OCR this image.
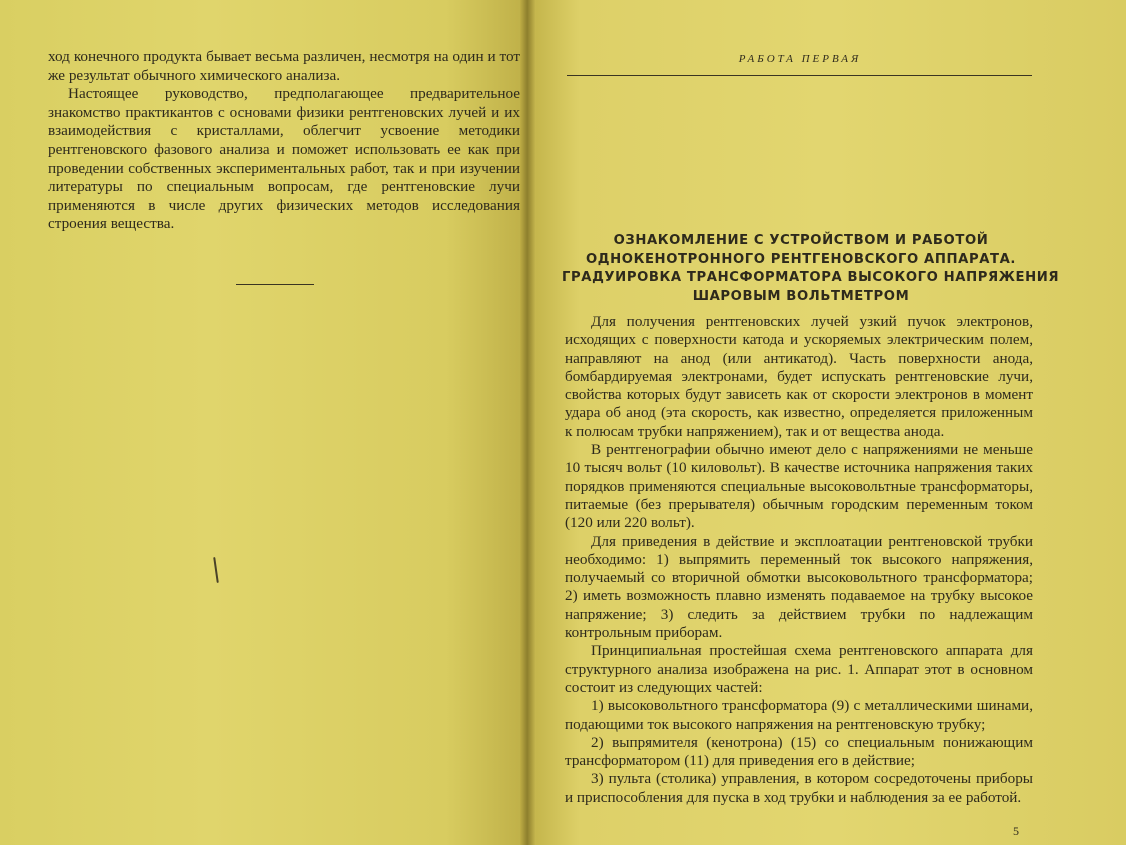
ход конечного продукта бывает весьма различен, несмотря на один и тот же результат обычного химического анализа.

Настоящее руководство, предполагающее предварительное знакомство практикантов с основами физики рентгеновских лучей и их взаимодействия с кристаллами, облегчит усвоение методики рентгеновского фазового анализа и поможет использовать ее как при проведении собственных экспериментальных работ, так и при изучении литературы по специальным вопросам, где рентгеновские лучи применяются в числе других физических методов исследования строения вещества.

РАБОТА ПЕРВАЯ
ОЗНАКОМЛЕНИЕ С УСТРОЙСТВОМ И РАБОТОЙ
ОДНОКЕНОТРОННОГО РЕНТГЕНОВСКОГО АППАРАТА.
ГРАДУИРОВКА ТРАНСФОРМАТОРА ВЫСОКОГО НАПРЯЖЕНИЯ
ШАРОВЫМ ВОЛЬТМЕТРОМ

Для получения рентгеновских лучей узкий пучок электронов, исходящих с поверхности катода и ускоряемых электрическим полем, направляют на анод (или антикатод). Часть поверхности анода, бомбардируемая электронами, будет испускать рентгеновские лучи, свойства которых будут зависеть как от скорости электронов в момент удара об анод (эта скорость, как известно, определяется приложенным к полюсам трубки напряжением), так и от вещества анода.

В рентгенографии обычно имеют дело с напряжениями не меньше 10 тысяч вольт (10 киловольт). В качестве источника напряжения таких порядков применяются специальные высоковольтные трансформаторы, питаемые (без прерывателя) обычным городским переменным током (120 или 220 вольт).

Для приведения в действие и эксплоатации рентгеновской трубки необходимо: 1) выпрямить переменный ток высокого напряжения, получаемый со вторичной обмотки высоковольтного трансформатора; 2) иметь возможность плавно изменять подаваемое на трубку высокое напряжение; 3) следить за действием трубки по надлежащим контрольным приборам.

Принципиальная простейшая схема рентгеновского аппарата для структурного анализа изображена на рис. 1. Аппарат этот в основном состоит из следующих частей:

1) высоковольтного трансформатора (9) с металлическими шинами, подающими ток высокого напряжения на рентгеновскую трубку;

2) выпрямителя (кенотрона) (15) со специальным понижающим трансформатором (11) для приведения его в действие;

3) пульта (столика) управления, в котором сосредоточены приборы и приспособления для пуска в ход трубки и наблюдения за ее работой.

5
